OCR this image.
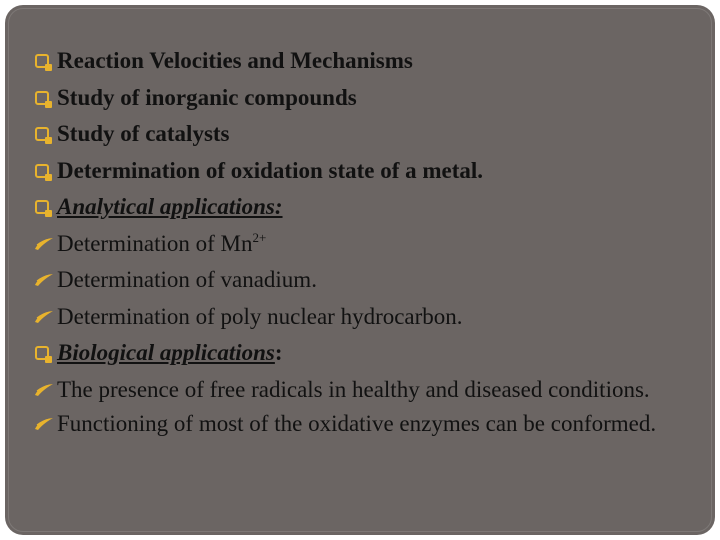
Reaction Velocities and Mechanisms
Study of inorganic compounds
Study of catalysts
Determination of oxidation state of a metal.
Analytical applications:
Determination of $Mn^{2+}$
Determination of vanadium.
Determination of poly nuclear hydrocarbon.
Biological applications:
The presence of free radicals in healthy and diseased conditions.
Functioning of most of the oxidative enzymes can be conformed.
